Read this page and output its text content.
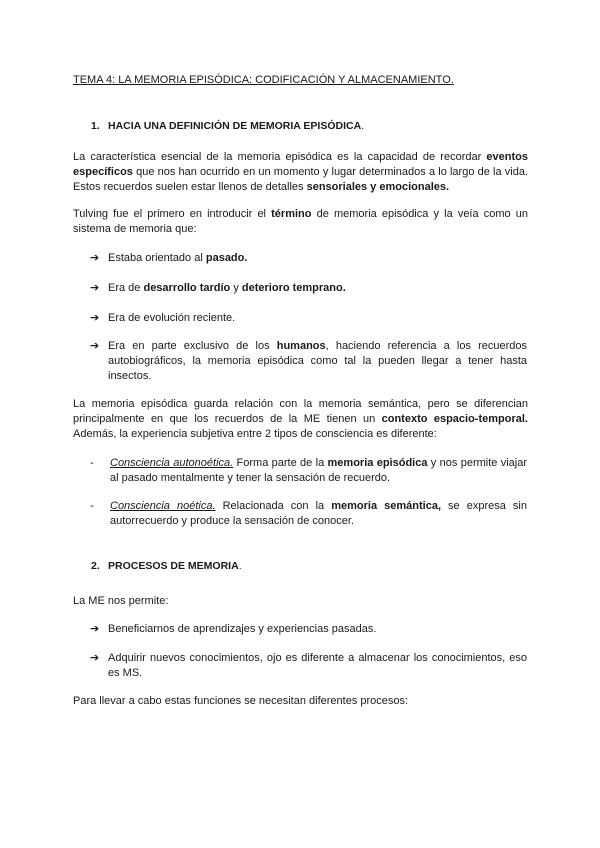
TEMA 4: LA MEMORIA EPISÓDICA: CODIFICACIÓN Y ALMACENAMIENTO.
1. HACIA UNA DEFINICIÓN DE MEMORIA EPISÓDICA.
La característica esencial de la memoria episódica es la capacidad de recordar eventos específicos que nos han ocurrido en un momento y lugar determinados a lo largo de la vida. Estos recuerdos suelen estar llenos de detalles sensoriales y emocionales.
Tulving fue el primero en introducir el término de memoria episódica y la veía como un sistema de memoria que:
➔ Estaba orientado al pasado.
➔ Era de desarrollo tardío y deterioro temprano.
➔ Era de evolución reciente.
➔ Era en parte exclusivo de los humanos, haciendo referencia a los recuerdos autobiográficos, la memoria episódica como tal la pueden llegar a tener hasta insectos.
La memoria episódica guarda relación con la memoria semántica, pero se diferencian principalmente en que los recuerdos de la ME tienen un contexto espacio-temporal. Además, la experiencia subjetiva entre 2 tipos de consciencia es diferente:
- Consciencia autonoética. Forma parte de la memoria episódica y nos permite viajar al pasado mentalmente y tener la sensación de recuerdo.
- Consciencia noética. Relacionada con la memoria semántica, se expresa sin autorrecuerdo y produce la sensación de conocer.
2. PROCESOS DE MEMORIA.
La ME nos permite:
➔ Beneficiarnos de aprendizajes y experiencias pasadas.
➔ Adquirir nuevos conocimientos, ojo es diferente a almacenar los conocimientos, eso es MS.
Para llevar a cabo estas funciones se necesitan diferentes procesos:
